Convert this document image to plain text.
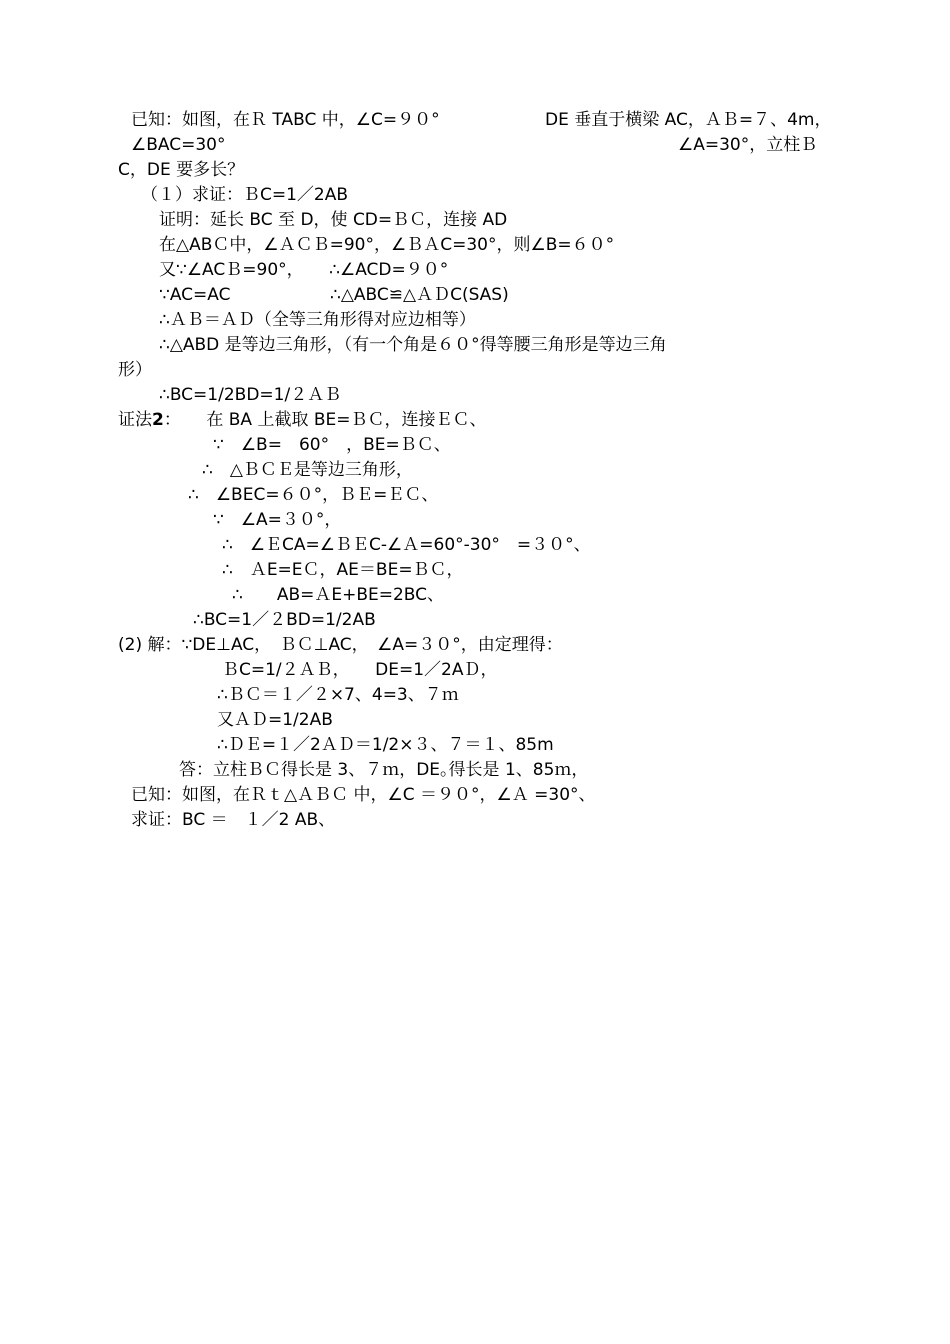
已知：如图，在Ｒ TABC 中，∠C=９０°	DE 垂直于横梁 AC，ＡＢ=７、4m，
∠BAC=30°	∠A=30°，立柱Ｂ
C，DE 要多长？
（１）求证：ＢC=1／2AB
证明：延长 BC 至 D，使 CD=ＢＣ，连接 AD
在△ABＣ中，∠ＡＣＢ=90°，∠ＢＡC=30°，则∠B=６０°
又∵∠ACＢ=90°，　　∴∠ACD=９０°
∵AC=AC	∴△ABC≌△ＡＤC(SAS)
∴ＡＢ＝ＡＤ（全等三角形得对应边相等）
∴△ABD 是等边三角形，（有一个角是６０°得等腰三角形是等边三角
形）
∴BC=1/2BD=1/２ＡＢ
证法2：　　在 BA 上截取 BE=ＢＣ，连接ＥＣ、
∵　∠B=　60°　，BE=ＢＣ、
∴　△ＢＣＥ是等边三角形，
∴　∠BEC=６０°，ＢＥ=ＥＣ、
∵　∠A=３０°，
∴　∠ＥCA=∠ＢＥC-∠Ａ=60°-30°　=３０°、
∴　ＡE=EＣ，AE＝BE=ＢＣ，
∴　　AB=ＡE+BE=2BC、
∴BC=1／２BD=1/2AB
(2) 解：∵DE⊥AC，　ＢＣ⊥AC，　∠A=３０°，由定理得：
ＢC=1/２ＡＢ，　　DE=1／2AＤ，
∴ＢＣ＝１／２×7、4=3、７ｍ
又ＡＤ=1/2AB
∴ＤＥ=１／2ＡＤ＝1/2×３、７＝１、85m
答：立柱ＢＣ得长是 3、７ｍ，DE｡得长是 1、85ｍ，
已知：如图，在Ｒｔ△ＡＢＣ 中，∠C ＝９０°，∠Ａ =30°、
求证：BC ＝　１／2 AB、
